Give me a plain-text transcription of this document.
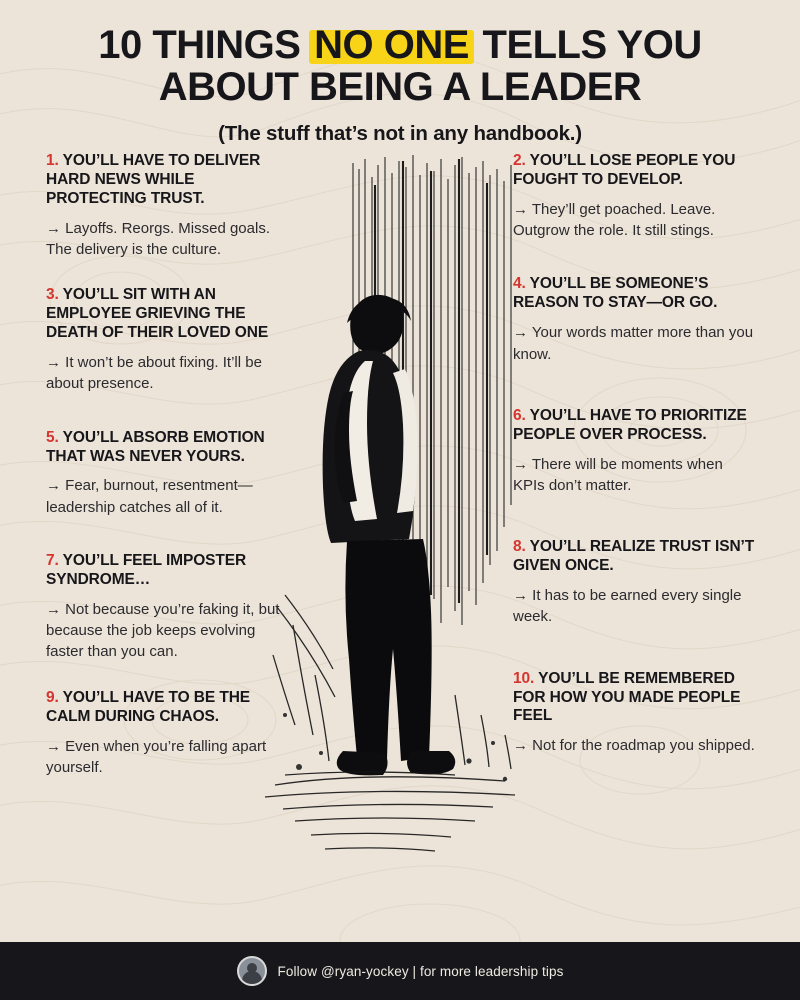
10 THINGS NO ONE TELLS YOU
ABOUT BEING A LEADER
(The stuff that’s not in any handbook.)
1. YOU’LL HAVE TO DELIVER HARD NEWS WHILE PROTECTING TRUST.
→ Layoffs. Reorgs. Missed goals. The delivery is the culture.
3. YOU’LL SIT WITH AN EMPLOYEE GRIEVING THE DEATH OF THEIR LOVED ONE
→ It won’t be about fixing. It’ll be about presence.
5. YOU’LL ABSORB EMOTION THAT WAS NEVER YOURS.
→ Fear, burnout, resentment—leadership catches all of it.
7. YOU’LL FEEL IMPOSTER SYNDROME…
→ Not because you’re faking it, but because the job keeps evolving faster than you can.
9. YOU’LL HAVE TO BE THE CALM DURING CHAOS.
→ Even when you’re falling apart yourself.
2. YOU’LL LOSE PEOPLE YOU FOUGHT TO DEVELOP.
→ They’ll get poached. Leave. Outgrow the role. It still stings.
4. YOU’LL BE SOMEONE’S REASON TO STAY—OR GO.
→ Your words matter more than you know.
6. YOU’LL HAVE TO PRIORITIZE PEOPLE OVER PROCESS.
→ There will be moments when KPIs don’t matter.
8. YOU’LL REALIZE TRUST ISN’T GIVEN ONCE.
→ It has to be earned every single week.
10. YOU’LL BE REMEMBERED FOR HOW YOU MADE PEOPLE FEEL
→ Not for the roadmap you shipped.
Follow @ryan-yockey | for more leadership tips
